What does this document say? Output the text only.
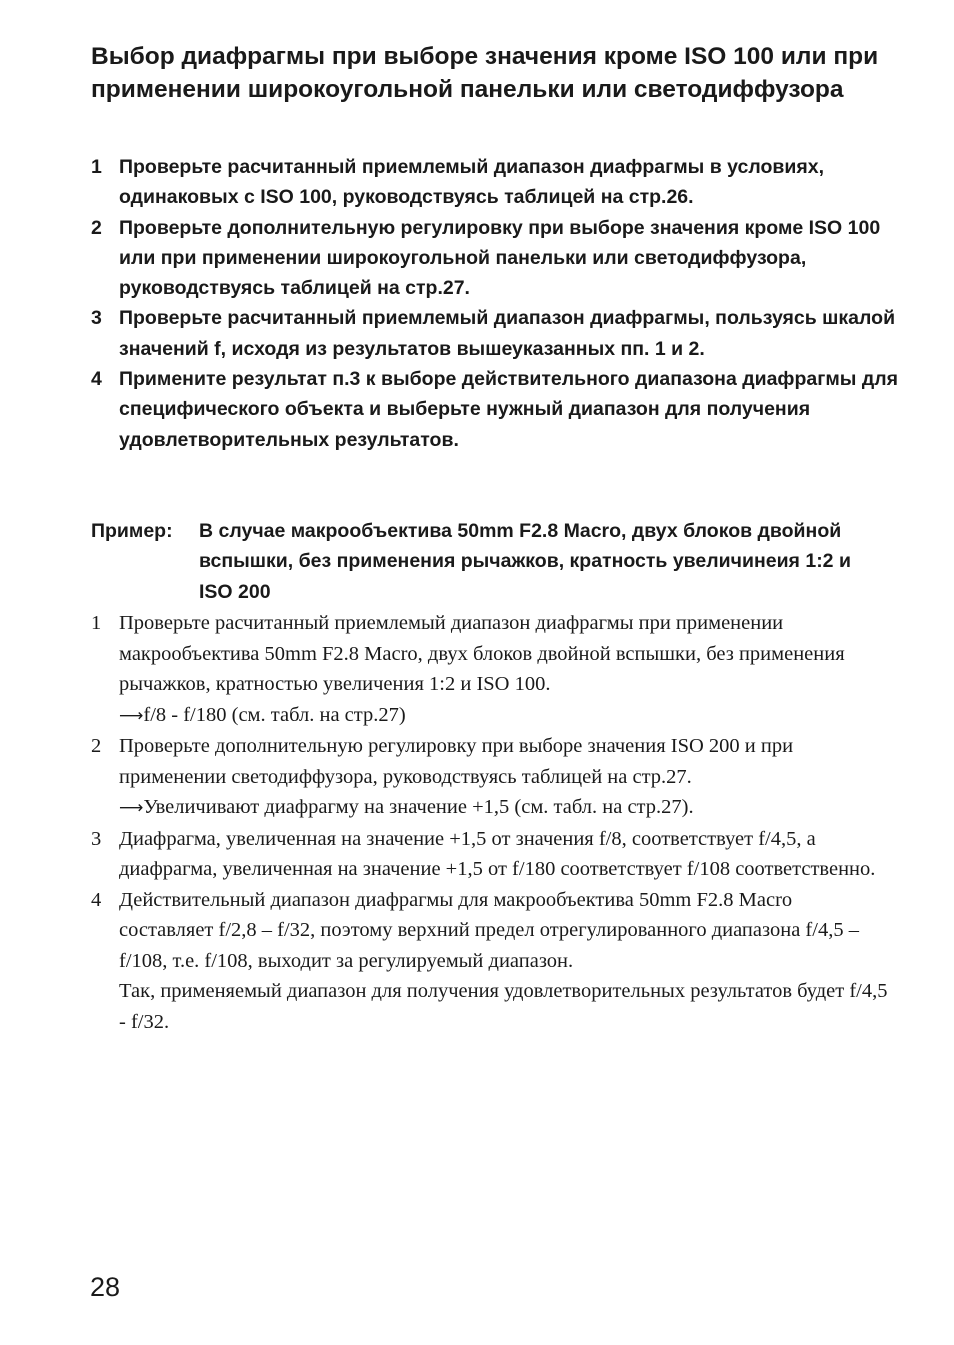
Выбор диафрагмы при выборе значения кроме ISO 100 или при применении широкоугольной панельки или светодиффузора
1 Проверьте расчитанный приемлемый диапазон диафрагмы в условиях, одинаковых с ISO 100, руководствуясь таблицей на стр.26.
2 Проверьте дополнительную регулировку при выборе значения кроме ISO 100 или при применении широкоугольной панельки или светодиффузора, руководствуясь таблицей на стр.27.
3 Проверьте расчитанный приемлемый диапазон диафрагмы, пользуясь шкалой значений f, исходя из результатов вышеуказанных пп. 1 и 2.
4 Примените результат п.3 к выборе действительного диапазона диафрагмы для специфического объекта и выберьте нужный диапазон для получения удовлетворительных результатов.
Пример: В случае макрообъектива 50mm F2.8 Macro, двух блоков двойной вспышки, без применения рычажков, кратность увеличинеия 1:2 и ISO 200
1 Проверьте расчитанный приемлемый диапазон диафрагмы при применении макрообъектива 50mm F2.8 Macro, двух блоков двойной вспышки, без применения рычажков, кратностью увеличения 1:2 и ISO 100.

⟶f/8 - f/180 (см. табл. на стр.27)

2 Проверьте дополнительную регулировку при выборе значения ISO 200 и при применении светодиффузора, руководствуясь таблицей на стр.27.

⟶Увеличивают диафрагму на значение +1,5 (см. табл. на стр.27).

3 Диафрагма, увеличенная на значение +1,5 от значения f/8, соответствует f/4,5, а диафрагма, увеличенная на значение +1,5 от f/180 соответствует f/108 соответственно.

4 Действительный диапазон диафрагмы для макрообъектива 50mm F2.8 Macro составляет f/2,8 – f/32, поэтому верхний предел отрегулированного диапазона f/4,5 – f/108, т.е. f/108, выходит за регулируемый диапазон.

Так, применяемый диапазон для получения удовлетворительных результатов будет f/4,5 - f/32.

28
